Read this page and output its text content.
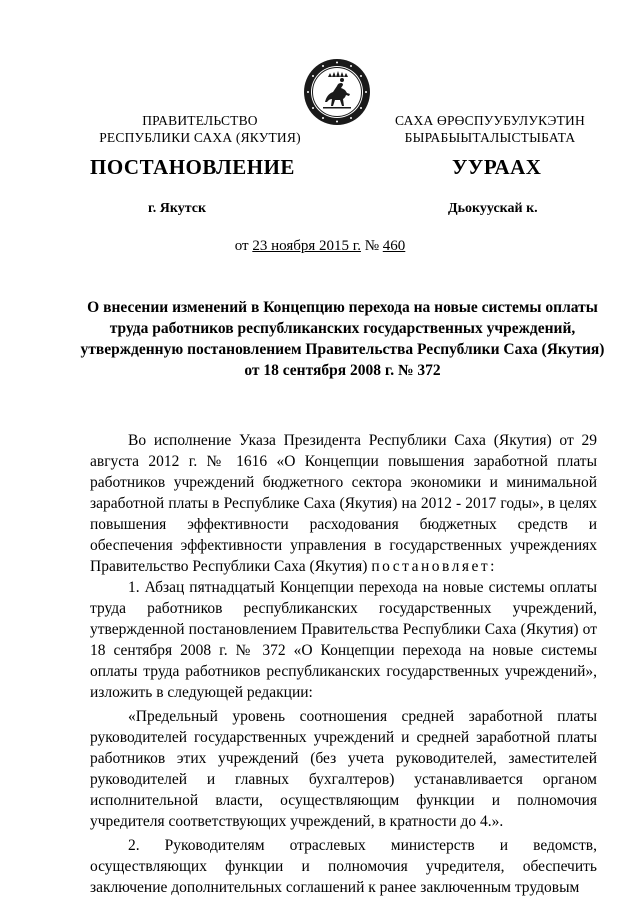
ПРАВИТЕЛЬСТВО
РЕСПУБЛИКИ САХА (ЯКУТИЯ)
САХА ӨРӨСПУУБУЛУКЭТИН
БЫРАБЫЫТАЛЫСТЫБАТА
ПОСТАНОВЛЕНИЕ	УУРААХ
г. Якутск	Дьокуускай к.
от 23 ноября 2015 г. № 460
О внесении изменений в Концепцию перехода на новые системы оплаты труда работников республиканских государственных учреждений, утвержденную постановлением Правительства Республики Саха (Якутия) от 18 сентября 2008 г. № 372

Во исполнение Указа Президента Республики Саха (Якутия) от 29 августа 2012 г. № 1616 «О Концепции повышения заработной платы работников учреждений бюджетного сектора экономики и минимальной заработной платы в Республике Саха (Якутия) на 2012 - 2017 годы», в целях повышения эффективности расходования бюджетных средств и обеспечения эффективности управления в государственных учреждениях Правительство Республики Саха (Якутия) постановляет:

1. Абзац пятнадцатый Концепции перехода на новые системы оплаты труда работников республиканских государственных учреждений, утвержденной постановлением Правительства Республики Саха (Якутия) от 18 сентября 2008 г. № 372 «О Концепции перехода на новые системы оплаты труда работников республиканских государственных учреждений», изложить в следующей редакции:

«Предельный уровень соотношения средней заработной платы руководителей государственных учреждений и средней заработной платы работников этих учреждений (без учета руководителей, заместителей руководителей и главных бухгалтеров) устанавливается органом исполнительной власти, осуществляющим функции и полномочия учредителя соответствующих учреждений, в кратности до 4.».

2. Руководителям отраслевых министерств и ведомств, осуществляющих функции и полномочия учредителя, обеспечить заключение дополнительных соглашений к ранее заключенным трудовым
